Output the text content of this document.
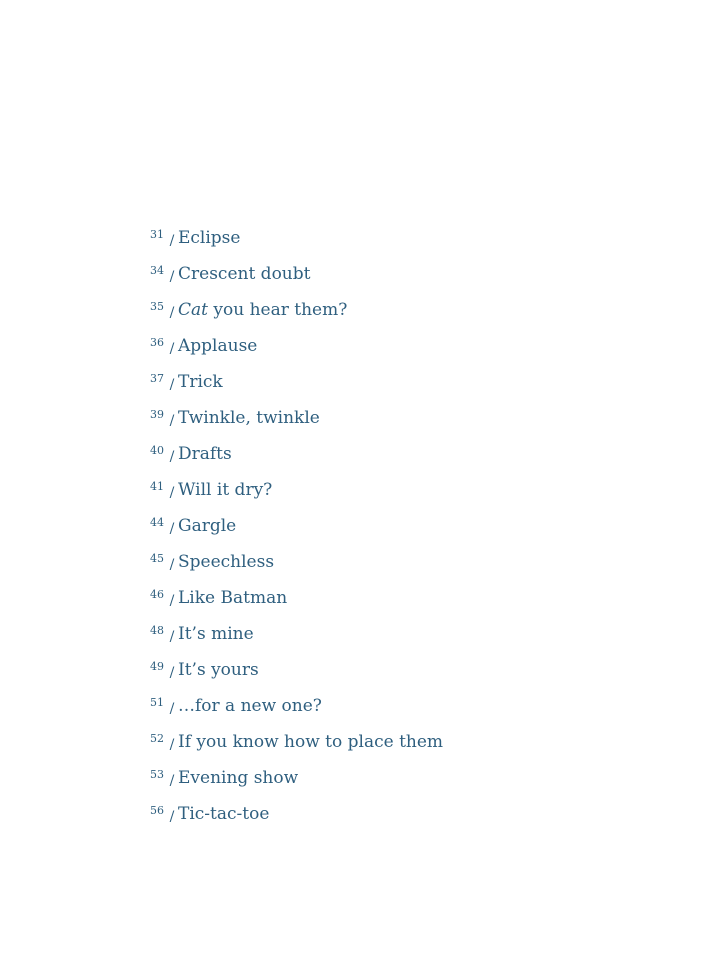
31 / Eclipse
34 / Crescent doubt
35 / Cat you hear them?
36 / Applause
37 / Trick
39 / Twinkle, twinkle
40 / Drafts
41 / Will it dry?
44 / Gargle
45 / Speechless
46 / Like Batman
48 / It’s mine
49 / It’s yours
51 / …for a new one?
52 / If you know how to place them
53 / Evening show
56 / Tic-tac-toe
